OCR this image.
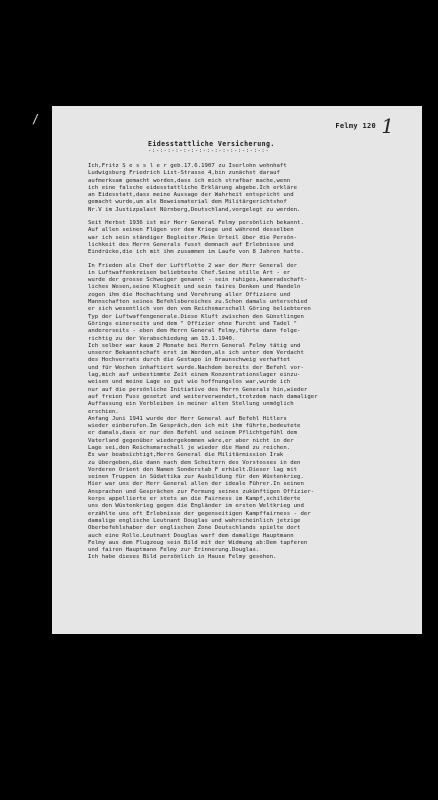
/	Felmy 120 1
Eidesstattliche Versicherung.
-:-:-:-:-:-:-:-:-:-:-:-:-:-:-:-
Ich,Fritz S e s s l e r geb.17.6.1907 zu Iserlohn wohnhaft
Ludwigsburg Friedrich List-Strasse 4,bin zunächst darauf
aufmerksam gemacht worden,dass ich mich strafbar mache,wenn
ich eine falsche eidesstattliche Erklärung abgebe.Ich erkläre
an Eidesstatt,dass meine Aussage der Wahrheit entspricht und
gemacht wurde,um als Beweismaterial dem Militärgerichtshof
Nr.V im Justizpalast Nürnberg,Deutschland,vorgelegt zu werden.
Seit Herbst 1936 ist mir Herr General Felmy persönlich bekannt.
Auf allen seinen Flügen vor dem Kriege und während desselben
war ich sein ständiger Begleiter.Mein Urteil über die Persön-
lichkeit des Herrn Generals fusst demnach auf Erlebnisse und
Eindrücke,die ich mit ihm zusammen im Laufe von 8 Jahren hatte.
In Frieden als Chef der Luftflotte 2 war der Herr General der
in Luftwaffenkreisen beliebteste Chef.Seine stille Art - er
wurde der grosse Schweiger genannt - sein ruhiges,kameradschaft-
liches Wesen,seine Klugheit und sein faires Denken und Handeln
zogen ihm die Hochachtung und Verehrung aller Offiziere und
Mannschaften seines Befehlsbereiches zu.Schon damals unterschied
er sich wesentlich von den vom Reichsmarschall Göring beliebteren
Typ der Luftwaffengenerale.Diese Kluft zwischen den Günstlingen
Görings einerseits und dem " Offizier ohne Furcht und Tadel "
andererseits - eben dem Herrn General Felmy,führte dann folge-
richtig zu der Verabschiedung am 13.1.1940.
Ich selber war kaum 2 Monate bei Herrn General Felmy tätig und
unserer Bekanntschaft erst im Werden,als ich unter dem Verdacht
des Hochverrats durch die Gestapo in Braunschweig verhaftet
und für Wochen inhaftiert wurde.Nachdem bereits der Befehl vor-
lag,mich auf unbestimmte Zeit einem Konzentrationslager einzu-
weisen und meine Lage so gut wie hoffnungslos war,wurde ich
nur auf die persönliche Initiative des Herrn Generals hin,wieder
auf freien Fuss gesetzt und weiterverwendet,trotzdem nach damaliger
Auffassung ein Verbleiben in meiner alten Stellung unmöglich
erschien.
Anfang Juni 1941 wurde der Herr General auf Befehl Hitlers
wieder einberufen.Im Gespräch,den ich mit ihm führte,bedeutete
er damals,dass er nur den Befehl und seinem Pflichtgefühl dem
Vaterland gegenüber wiedergekommen wäre,er aber nicht in der
Lage sei,den Reichsmarschall je wieder die Hand zu reichen.
Es war beabsichtigt,Herrn General die Militärmission Irak
zu übergeben,die dann nach dem Scheitern des Vorstosses in den
Vorderen Orient den Namen Sonderstab F erhielt.Dieser lag mit
seinen Truppen in Südattika zur Ausbildung für den Wüstenkrieg.
Hier war uns der Herr General allen der ideale Führer.In seinen
Ansprachen und Gesprächen zur Formung seines zukünftigen Offizier-
korps appellierte er stets an die Fairness im Kampf,schilderte
uns den Wüstenkrieg gegen die Engländer im ersten Weltkrieg und
erzählte uns oft Erlebnisse der gegenseitigen Kampffairness - der
damalige englische Leutnant Douglas und wahrscheinlich jetzige
Oberbefehlshaber der englischen Zone Deutschlands spielte dort
auch eine Rolle.Leutnant Douglas warf dem damalige Hauptmann
Felmy aus dem Flugzeug sein Bild mit der Widmung ab:Dem tapferen
und fairen Hauptmann Felmy zur Erinnerung.Douglas.
Ich habe dieses Bild persönlich in Hause Felmy gesehen.
